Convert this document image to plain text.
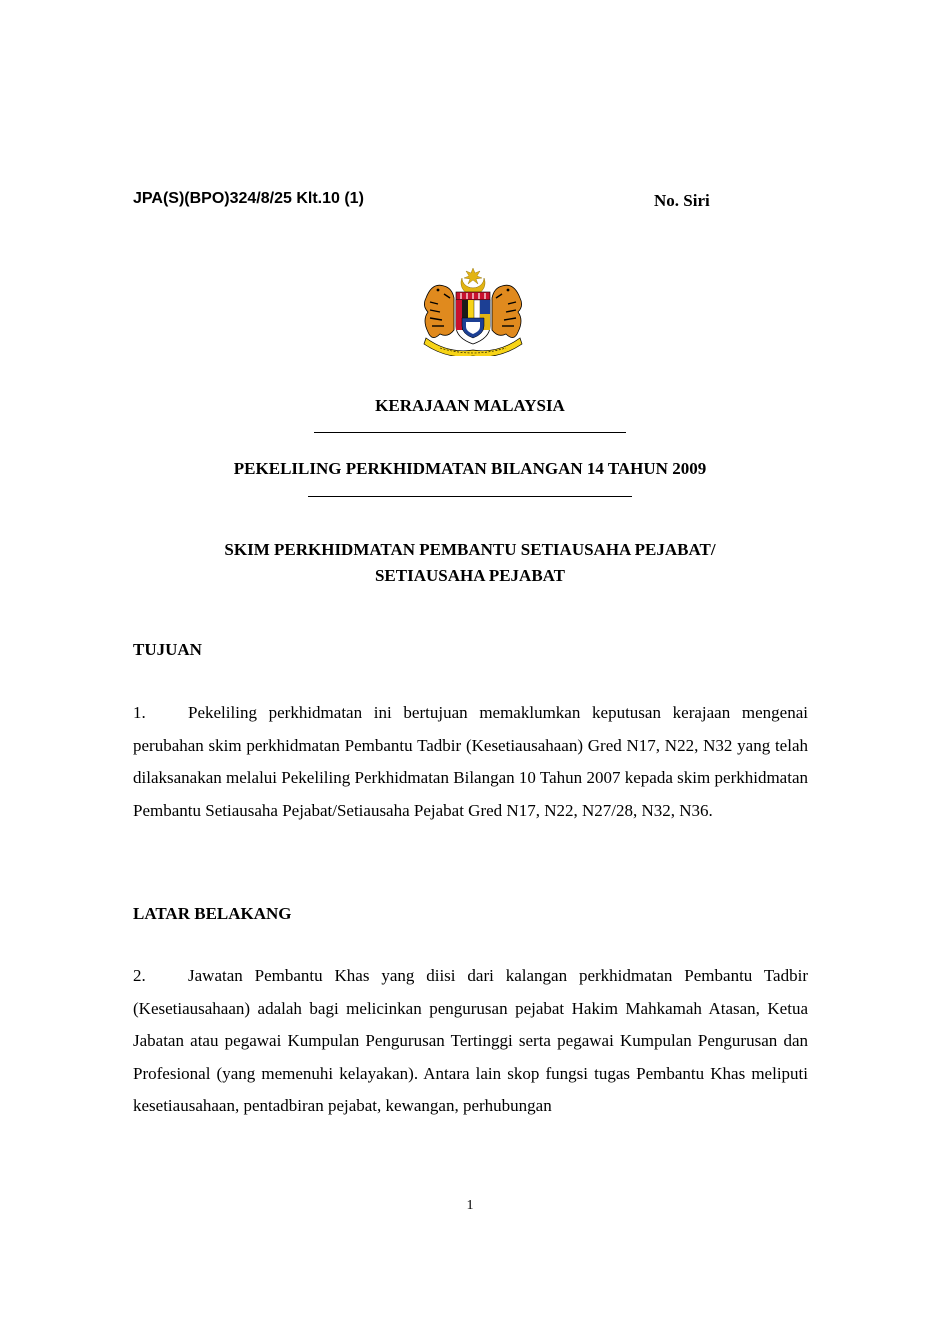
JPA(S)(BPO)324/8/25 Klt.10 (1)	No. Siri
KERAJAAN MALAYSIA
PEKELILING PERKHIDMATAN BILANGAN 14 TAHUN 2009
SKIM PERKHIDMATAN PEMBANTU SETIAUSAHA PEJABAT/
SETIAUSAHA PEJABAT
TUJUAN
1. Pekeliling perkhidmatan ini bertujuan memaklumkan keputusan kerajaan mengenai perubahan skim perkhidmatan Pembantu Tadbir (Kesetiausahaan) Gred N17, N22, N32 yang telah dilaksanakan melalui Pekeliling Perkhidmatan Bilangan 10 Tahun 2007 kepada skim perkhidmatan Pembantu Setiausaha Pejabat/Setiausaha Pejabat Gred N17, N22, N27/28, N32, N36.
LATAR BELAKANG
2. Jawatan Pembantu Khas yang diisi dari kalangan perkhidmatan Pembantu Tadbir (Kesetiausahaan) adalah bagi melicinkan pengurusan pejabat Hakim Mahkamah Atasan, Ketua Jabatan atau pegawai Kumpulan Pengurusan Tertinggi serta pegawai Kumpulan Pengurusan dan Profesional (yang memenuhi kelayakan). Antara lain skop fungsi tugas Pembantu Khas meliputi kesetiausahaan, pentadbiran pejabat, kewangan, perhubungan
1
